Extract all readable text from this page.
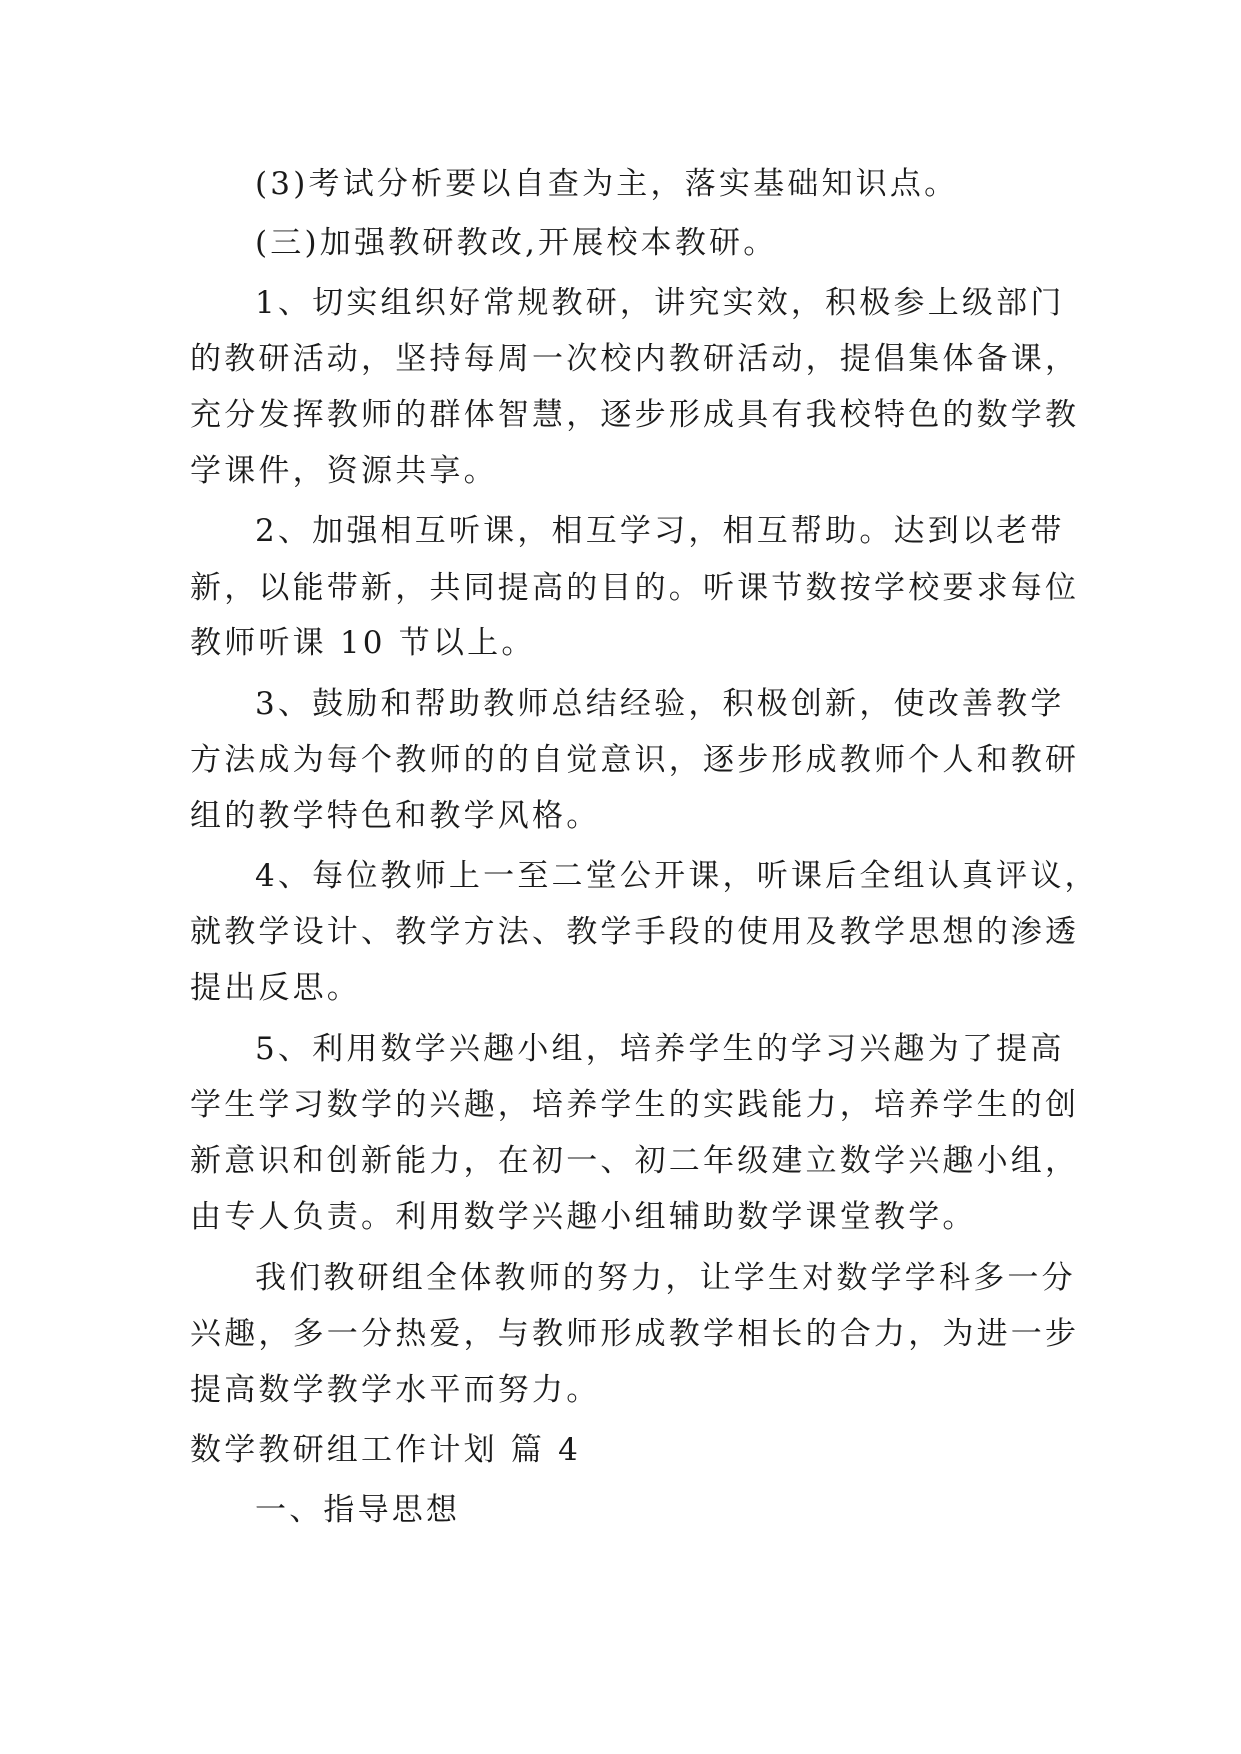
(3)考试分析要以自查为主，落实基础知识点。
(三)加强教研教改,开展校本教研。
1、切实组织好常规教研，讲究实效，积极参上级部门
的教研活动，坚持每周一次校内教研活动，提倡集体备课，
充分发挥教师的群体智慧，逐步形成具有我校特色的数学教
学课件，资源共享。
2、加强相互听课，相互学习，相互帮助。达到以老带
新，以能带新，共同提高的目的。听课节数按学校要求每位
教师听课 10 节以上。
3、鼓励和帮助教师总结经验，积极创新，使改善教学
方法成为每个教师的的自觉意识，逐步形成教师个人和教研
组的教学特色和教学风格。
4、每位教师上一至二堂公开课，听课后全组认真评议，
就教学设计、教学方法、教学手段的使用及教学思想的渗透
提出反思。
5、利用数学兴趣小组，培养学生的学习兴趣为了提高
学生学习数学的兴趣，培养学生的实践能力，培养学生的创
新意识和创新能力，在初一、初二年级建立数学兴趣小组，
由专人负责。利用数学兴趣小组辅助数学课堂教学。
我们教研组全体教师的努力，让学生对数学学科多一分
兴趣，多一分热爱，与教师形成教学相长的合力，为进一步
提高数学教学水平而努力。
数学教研组工作计划 篇 4
一、指导思想
